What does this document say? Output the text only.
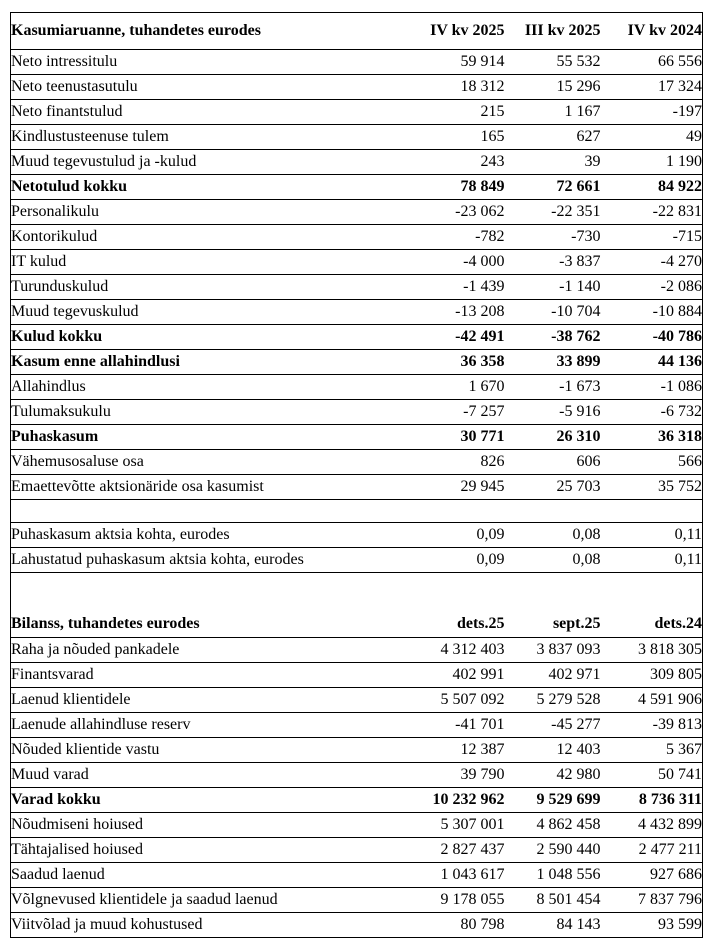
Kasumiaruanne, tuhandetes eurodes	IV kv 2025	III kv 2025	IV kv 2024
Neto intressitulu	59 914	55 532	66 556
Neto teenustasutulu	18 312	15 296	17 324
Neto finantstulud	215	1 167	-197
Kindlustusteenuse tulem	165	627	49
Muud tegevustulud ja -kulud	243	39	1 190
Netotulud kokku	78 849	72 661	84 922
Personalikulu	-23 062	-22 351	-22 831
Kontorikulud	-782	-730	-715
IT kulud	-4 000	-3 837	-4 270
Turunduskulud	-1 439	-1 140	-2 086
Muud tegevuskulud	-13 208	-10 704	-10 884
Kulud kokku	-42 491	-38 762	-40 786
Kasum enne allahindlusi	36 358	33 899	44 136
Allahindlus	1 670	-1 673	-1 086
Tulumaksukulu	-7 257	-5 916	-6 732
Puhaskasum	30 771	26 310	36 318
Vähemusosaluse osa	826	606	566
Emaettevõtte aktsionäride osa kasumist	29 945	25 703	35 752

Puhaskasum aktsia kohta, eurodes	0,09	0,08	0,11
Lahustatud puhaskasum aktsia kohta, eurodes	0,09	0,08	0,11

Bilanss, tuhandetes eurodes	dets.25	sept.25	dets.24
Raha ja nõuded pankadele	4 312 403	3 837 093	3 818 305
Finantsvarad	402 991	402 971	309 805
Laenud klientidele	5 507 092	5 279 528	4 591 906
Laenude allahindluse reserv	-41 701	-45 277	-39 813
Nõuded klientide vastu	12 387	12 403	5 367
Muud varad	39 790	42 980	50 741
Varad kokku	10 232 962	9 529 699	8 736 311
Nõudmiseni hoiused	5 307 001	4 862 458	4 432 899
Tähtajalised hoiused	2 827 437	2 590 440	2 477 211
Saadud laenud	1 043 617	1 048 556	927 686
Võlgnevused klientidele ja saadud laenud	9 178 055	8 501 454	7 837 796
Viitvõlad ja muud kohustused	80 798	84 143	93 599
